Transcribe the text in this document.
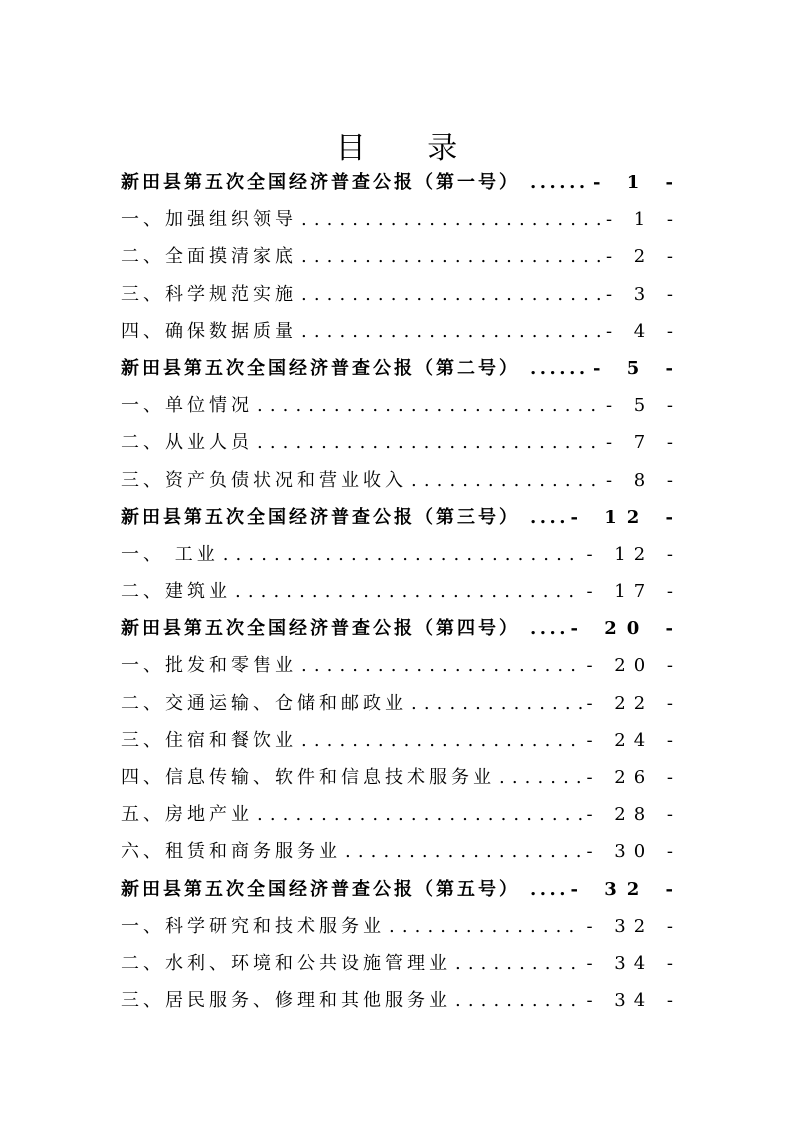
目 录
新田县第五次全国经济普查公报（第一号） .....	- 1 -
一、加强组织领导 .....	- 1 -
二、全面摸清家底 .....	- 2 -
三、科学规范实施 .....	- 3 -
四、确保数据质量 .....	- 4 -
新田县第五次全国经济普查公报（第二号） .....	- 5 -
一、单位情况 .....	- 5 -
二、从业人员 .....	- 7 -
三、资产负债状况和营业收入 .....	- 8 -
新田县第五次全国经济普查公报（第三号） .....	- 12 -
一、 工业 .....	- 12 -
二、建筑业 .....	- 17 -
新田县第五次全国经济普查公报（第四号） .....	- 20 -
一、批发和零售业 .....	- 20 -
二、交通运输、仓储和邮政业 .....	- 22 -
三、住宿和餐饮业 .....	- 24 -
四、信息传输、软件和信息技术服务业 .....	- 26 -
五、房地产业 .....	- 28 -
六、租赁和商务服务业 .....	- 30 -
新田县第五次全国经济普查公报（第五号） .....	- 32 -
一、科学研究和技术服务业 .....	- 32 -
二、水利、环境和公共设施管理业 .....	- 34 -
三、居民服务、修理和其他服务业 .....	- 34 -
